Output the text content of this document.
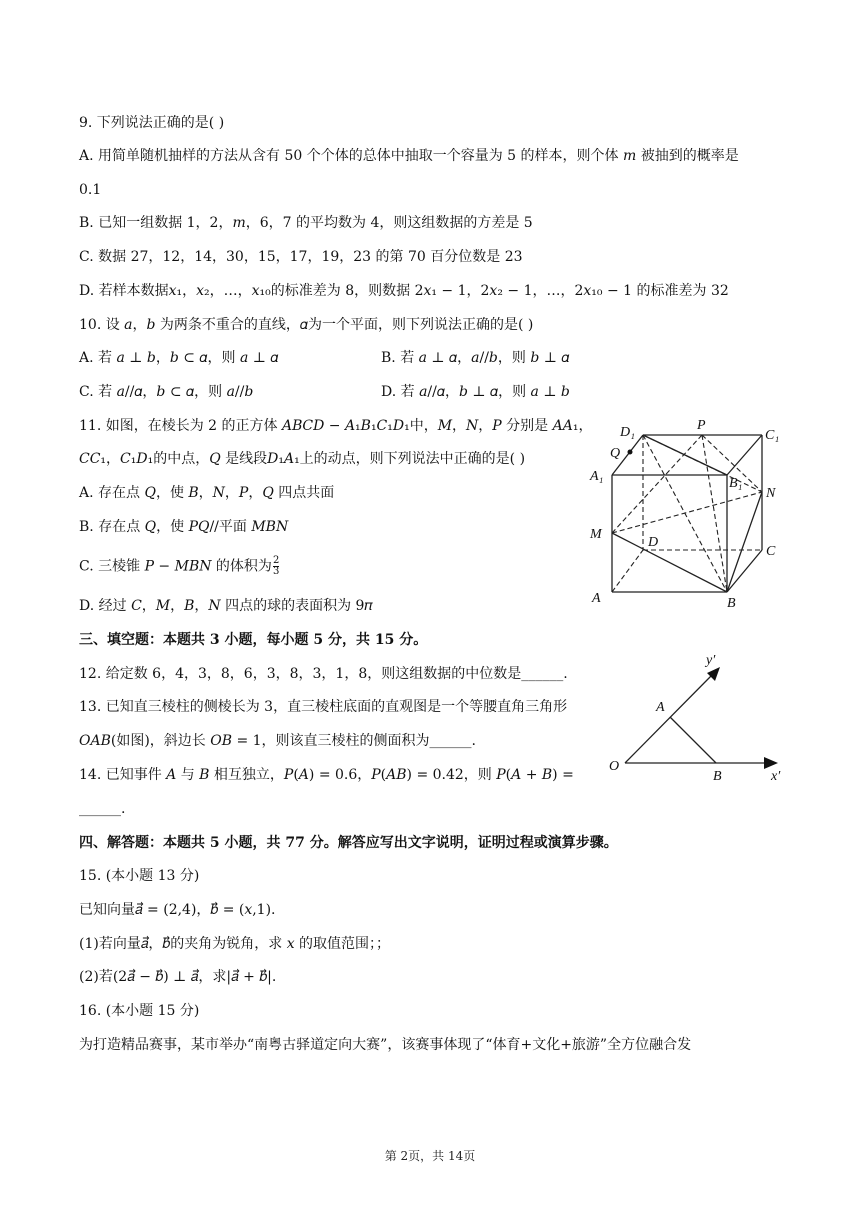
9. 下列说法正确的是( )
A. 用简单随机抽样的方法从含有 50 个个体的总体中抽取一个容量为 5 的样本，则个体 𝑚 被抽到的概率是
0.1
B. 已知一组数据 1，2，𝑚，6，7 的平均数为 4，则这组数据的方差是 5
C. 数据 27，12，14，30，15，17，19，23 的第 70 百分位数是 23
D. 若样本数据𝑥₁，𝑥₂，…，𝑥₁₀的标准差为 8，则数据 2𝑥₁ − 1，2𝑥₂ − 1，…，2𝑥₁₀ − 1 的标准差为 32
10. 设 𝑎，𝑏 为两条不重合的直线，𝛼为一个平面，则下列说法正确的是( )
A. 若 𝑎 ⊥ 𝑏，𝑏 ⊂ 𝛼，则 𝑎 ⊥ 𝛼	B. 若 𝑎 ⊥ 𝛼，𝑎//𝑏，则 𝑏 ⊥ 𝛼
C. 若 𝑎//𝛼，𝑏 ⊂ 𝛼，则 𝑎//𝑏	D. 若 𝑎//𝛼，𝑏 ⊥ 𝛼，则 𝑎 ⊥ 𝑏
11. 如图，在棱长为 2 的正方体 𝐴𝐵𝐶𝐷 − 𝐴₁𝐵₁𝐶₁𝐷₁中，𝑀，𝑁，𝑃 分别是 𝐴𝐴₁，
𝐶𝐶₁，𝐶₁𝐷₁的中点，𝑄 是线段𝐷₁𝐴₁上的动点，则下列说法中正确的是( )
A. 存在点 𝑄，使 𝐵，𝑁，𝑃，𝑄 四点共面
B. 存在点 𝑄，使 𝑃𝑄//平面 𝑀𝐵𝑁
C. 三棱锥 𝑃 − 𝑀𝐵𝑁 的体积为 $\frac{2}{3}$
D. 经过 𝐶，𝑀，𝐵，𝑁 四点的球的表面积为 9𝜋
D₁	P
C₁
Q
A₁	B₁
N
M
D
C
A	B
三、填空题：本题共 3 小题，每小题 5 分，共 15 分。
12. 给定数 6，4，3，8，6，3，8，3，1，8，则这组数据的中位数是______.
13. 已知直三棱柱的侧棱长为 3，直三棱柱底面的直观图是一个等腰直角三角形
𝑂𝐴𝐵(如图)，斜边长 𝑂𝐵 = 1，则该直三棱柱的侧面积为______.
14. 已知事件 𝐴 与 𝐵 相互独立，𝑃(𝐴) = 0.6，𝑃(𝐴𝐵) = 0.42，则 𝑃(𝐴 + 𝐵) =
______.
y′
A
O
B	x′
四、解答题：本题共 5 小题，共 77 分。解答应写出文字说明，证明过程或演算步骤。
15. (本小题 13 分)
已知向量𝑎⃗ = (2,4)，𝑏⃗ = (𝑥,1).
(1)若向量𝑎⃗，𝑏⃗的夹角为锐角，求 𝑥 的取值范围；；
(2)若(2𝑎⃗ − 𝑏⃗) ⊥ 𝑎⃗，求|𝑎⃗ + 𝑏⃗|.
16. (本小题 15 分)
为打造精品赛事，某市举办“南粤古驿道定向大赛”，该赛事体现了“体育+文化+旅游”全方位融合发
第 2页，共 14页
